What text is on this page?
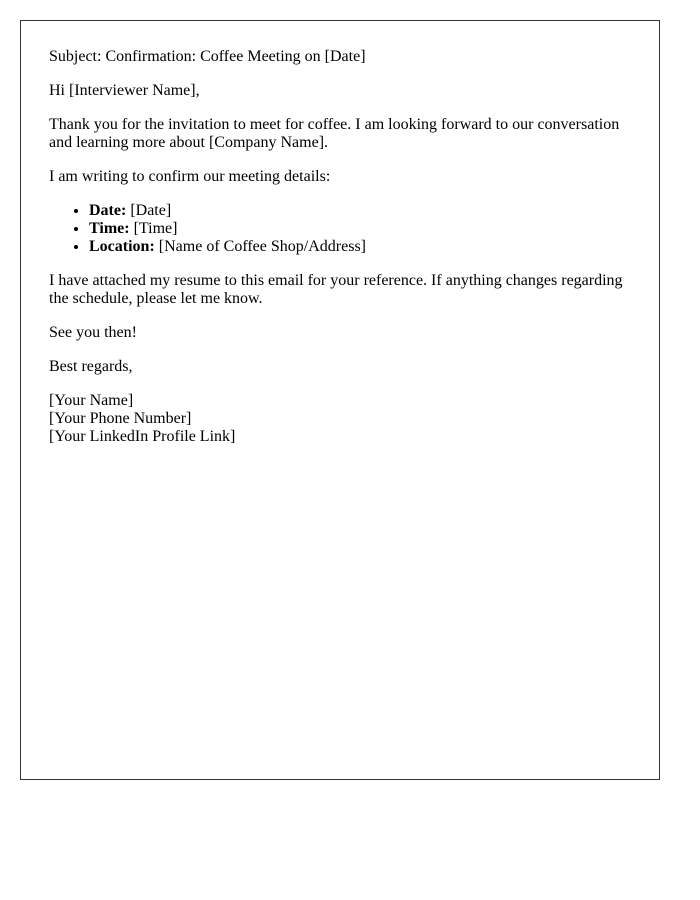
Subject: Confirmation: Coffee Meeting on [Date]

Hi [Interviewer Name],

Thank you for the invitation to meet for coffee. I am looking forward to our conversation and learning more about [Company Name].

I am writing to confirm our meeting details:

• Date: [Date]
• Time: [Time]
• Location: [Name of Coffee Shop/Address]

I have attached my resume to this email for your reference. If anything changes regarding the schedule, please let me know.

See you then!

Best regards,

[Your Name]
[Your Phone Number]
[Your LinkedIn Profile Link]
